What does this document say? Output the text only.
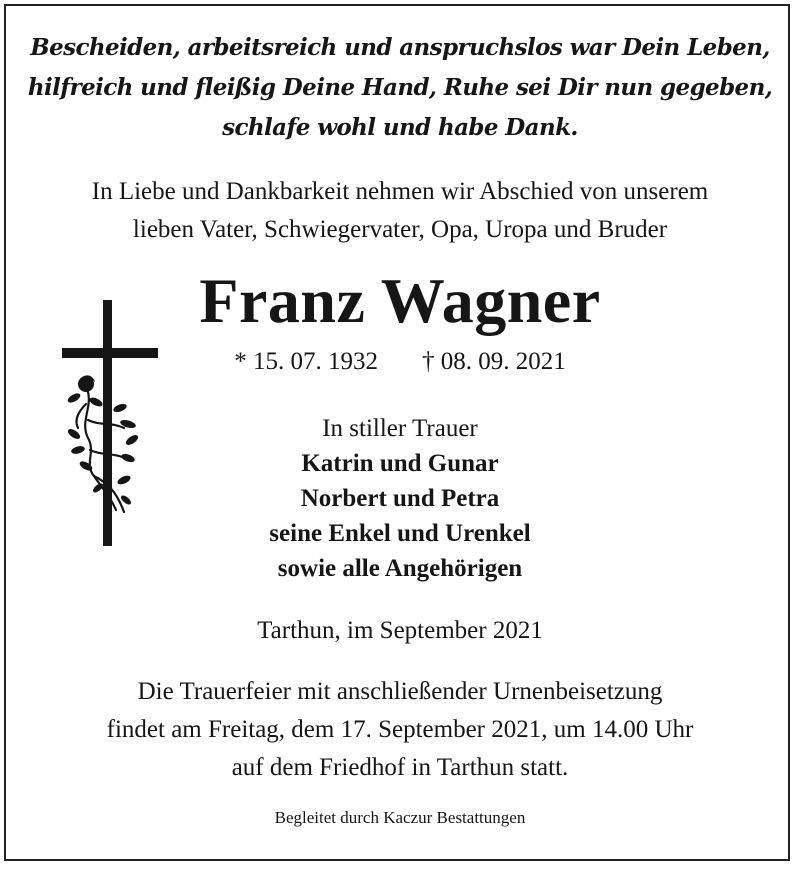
Bescheiden, arbeitsreich und anspruchslos war Dein Leben,
hilfreich und fleißig Deine Hand, Ruhe sei Dir nun gegeben,
schlafe wohl und habe Dank.
In Liebe und Dankbarkeit nehmen wir Abschied von unserem
lieben Vater, Schwiegervater, Opa, Uropa und Bruder
Franz Wagner
* 15. 07. 1932 † 08. 09. 2021
In stiller Trauer
Katrin und Gunar
Norbert und Petra
seine Enkel und Urenkel
sowie alle Angehörigen
Tarthun, im September 2021
Die Trauerfeier mit anschließender Urnenbeisetzung
findet am Freitag, dem 17. September 2021, um 14.00 Uhr
auf dem Friedhof in Tarthun statt.
Begleitet durch Kaczur Bestattungen
